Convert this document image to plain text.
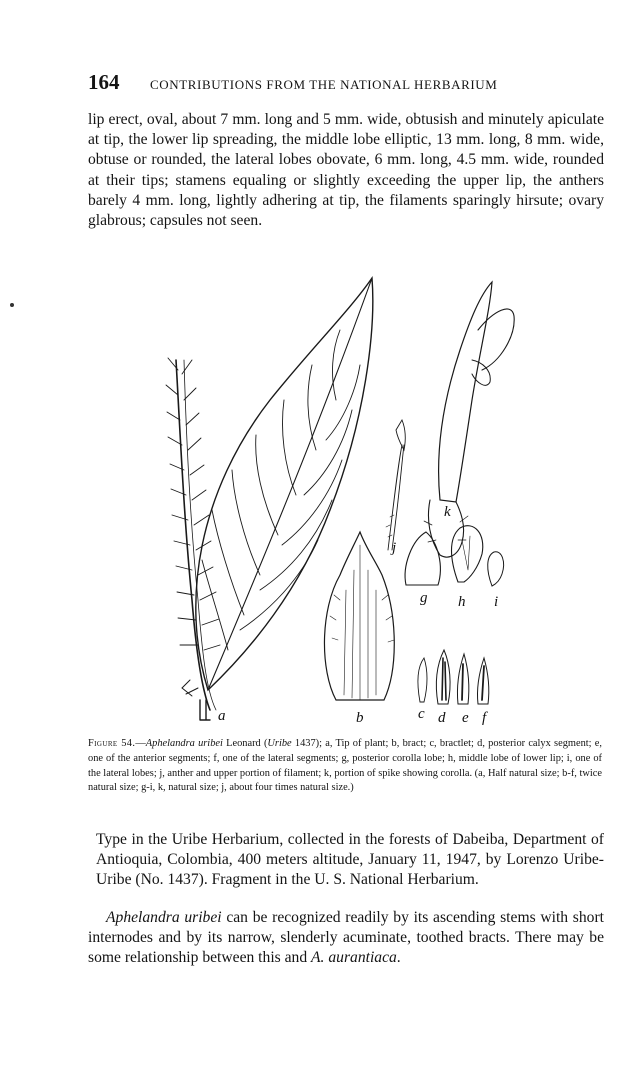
164 CONTRIBUTIONS FROM THE NATIONAL HERBARIUM

lip erect, oval, about 7 mm. long and 5 mm. wide, obtusish and minutely apiculate at tip, the lower lip spreading, the middle lobe elliptic, 13 mm. long, 8 mm. wide, obtuse or rounded, the lateral lobes obovate, 6 mm. long, 4.5 mm. wide, rounded at their tips; stamens equaling or slightly exceeding the upper lip, the anthers barely 4 mm. long, lightly adhering at tip, the filaments sparingly hirsute; ovary glabrous; capsules not seen.

a	b	c d e f
g h i
j
k

Figure 54.—Aphelandra uribei Leonard (Uribe 1437); a, Tip of plant; b, bract; c, bractlet; d, posterior calyx segment; e, one of the anterior segments; f, one of the lateral segments; g, posterior corolla lobe; h, middle lobe of lower lip; i, one of the lateral lobes; j, anther and upper portion of filament; k, portion of spike showing corolla. (a, Half natural size; b-f, twice natural size; g-i, k, natural size; j, about four times natural size.)

Type in the Uribe Herbarium, collected in the forests of Dabeiba, Department of Antioquia, Colombia, 400 meters altitude, January 11, 1947, by Lorenzo Uribe-Uribe (No. 1437). Fragment in the U. S. National Herbarium.

Aphelandra uribei can be recognized readily by its ascending stems with short internodes and by its narrow, slenderly acuminate, toothed bracts. There may be some relationship between this and A. aurantiaca.
